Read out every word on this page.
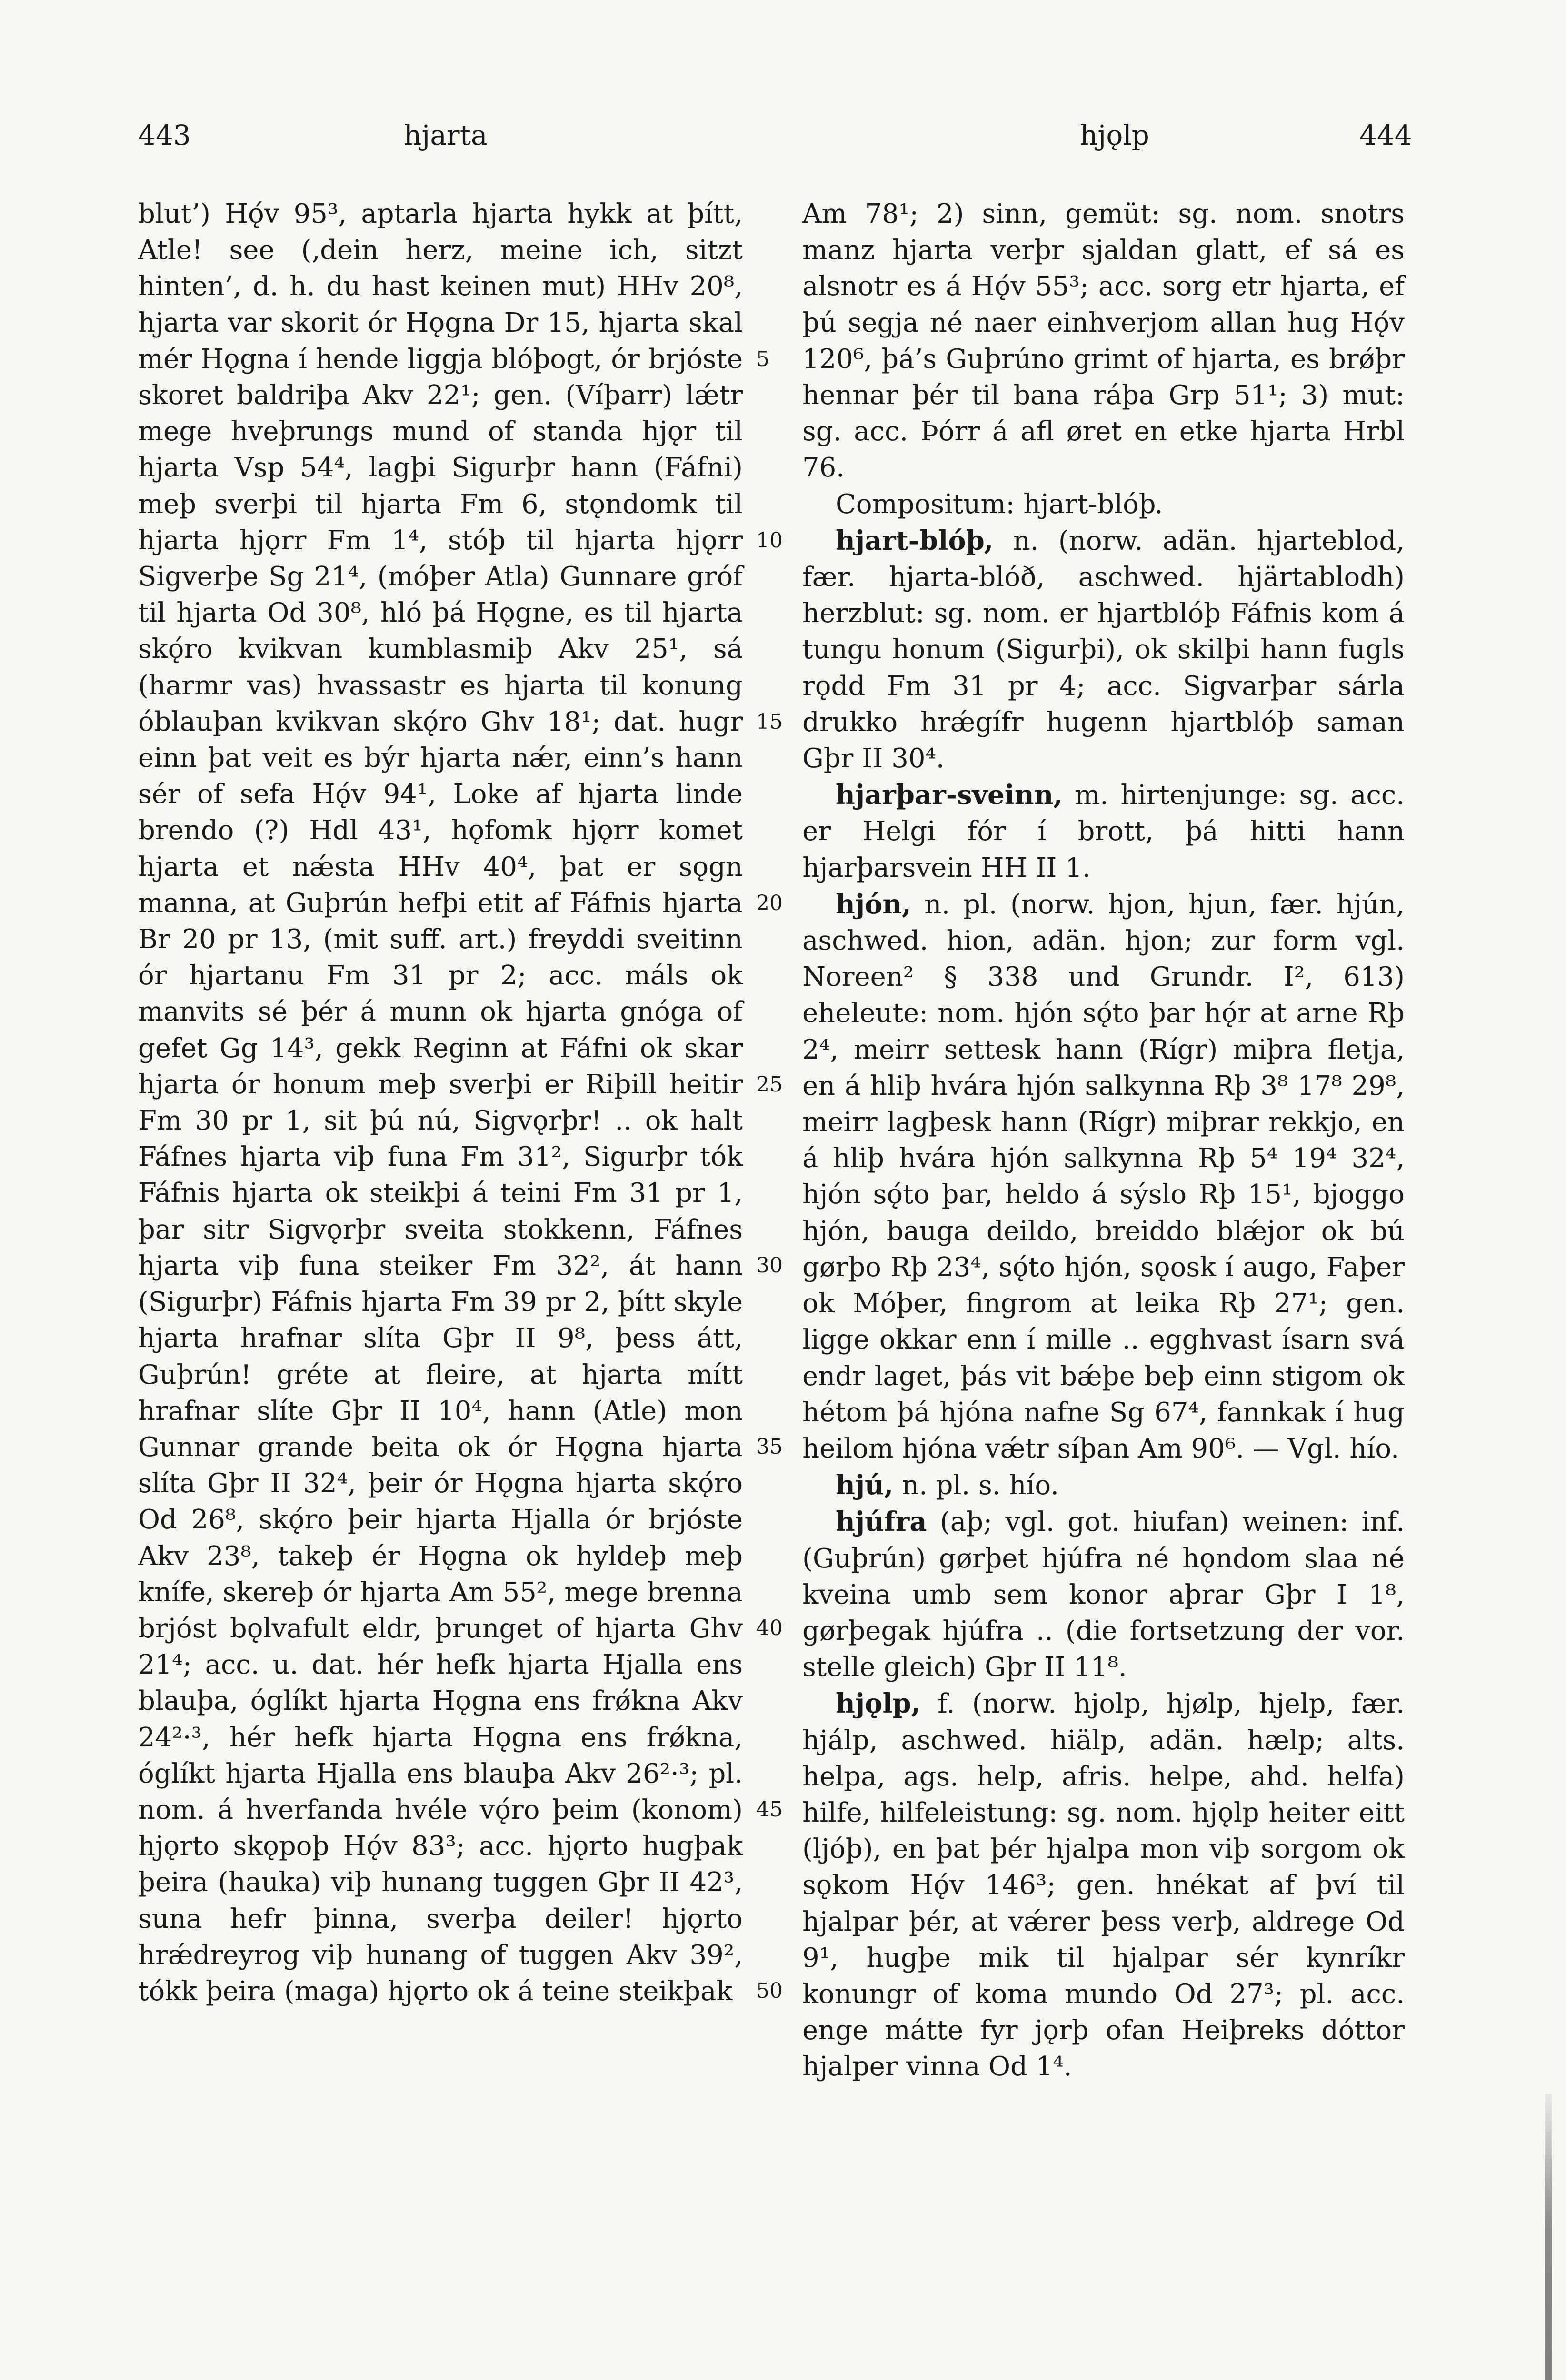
443	hjarta	hjǫlp	444

blut’) Hǫ́v 95³, aptarla hjarta hykk at þítt, Atle! see (‚dein herz, meine ich, sitzt hinten’, d. h. du hast keinen mut) HHv 20⁸, hjarta var skorit ór Hǫgna Dr 15, hjarta skal mér Hǫgna í hende liggja blóþogt, ór brjóste skoret baldriþa Akv 22¹; gen. (Víþarr) lǽtr mege hveþrungs mund of standa hjǫr til hjarta Vsp 54⁴, lagþi Sigurþr hann (Fáfni) meþ sverþi til hjarta Fm 6, stǫndomk til hjarta hjǫrr Fm 1⁴, stóþ til hjarta hjǫrr Sigverþe Sg 21⁴, (móþer Atla) Gunnare gróf til hjarta Od 30⁸, hló þá Hǫgne, es til hjarta skǫ́ro kvikvan kumblasmiþ Akv 25¹, sá (harmr vas) hvassastr es hjarta til konung óblauþan kvikvan skǫ́ro Ghv 18¹; dat. hugr einn þat veit es býr hjarta nǽr, einn’s hann sér of sefa Hǫ́v 94¹, Loke af hjarta linde brendo (?) Hdl 43¹, hǫfomk hjǫrr komet hjarta et nǽsta HHv 40⁴, þat er sǫgn manna, at Guþrún hefþi etit af Fáfnis hjarta Br 20 pr 13, (mit suff. art.) freyddi sveitinn ór hjartanu Fm 31 pr 2; acc. máls ok manvits sé þér á munn ok hjarta gnóga of gefet Gg 14³, gekk Reginn at Fáfni ok skar hjarta ór honum meþ sverþi er Riþill heitir Fm 30 pr 1, sit þú nú, Sigvǫrþr! .. ok halt Fáfnes hjarta viþ funa Fm 31², Sigurþr tók Fáfnis hjarta ok steikþi á teini Fm 31 pr 1, þar sitr Sigvǫrþr sveita stokkenn, Fáfnes hjarta viþ funa steiker Fm 32², át hann (Sigurþr) Fáfnis hjarta Fm 39 pr 2, þítt skyle hjarta hrafnar slíta Gþr II 9⁸, þess átt, Guþrún! gréte at fleire, at hjarta mítt hrafnar slíte Gþr II 10⁴, hann (Atle) mon Gunnar grande beita ok ór Hǫgna hjarta slíta Gþr II 32⁴, þeir ór Hǫgna hjarta skǫ́ro Od 26⁸, skǫ́ro þeir hjarta Hjalla ór brjóste Akv 23⁸, takeþ ér Hǫgna ok hyldeþ meþ knífe, skereþ ór hjarta Am 55², mege brenna brjóst bǫlvafult eldr, þrunget of hjarta Ghv 21⁴; acc. u. dat. hér hefk hjarta Hjalla ens blauþa, óglíkt hjarta Hǫgna ens frǿkna Akv 24²·³, hér hefk hjarta Hǫgna ens frǿkna, óglíkt hjarta Hjalla ens blauþa Akv 26²·³; pl. nom. á hverfanda hvéle vǫ́ro þeim (konom) hjǫrto skǫpoþ Hǫ́v 83³; acc. hjǫrto hugþak þeira (hauka) viþ hunang tuggen Gþr II 42³, suna hefr þinna, sverþa deiler! hjǫrto hrǽdreyrog viþ hunang of tuggen Akv 39², tókk þeira (maga) hjǫrto ok á teine steikþak

5
10
15
20
25
30
35
40
45
50

Am 78¹; 2) sinn, gemüt: sg. nom. snotrs manz hjarta verþr sjaldan glatt, ef sá es alsnotr es á Hǫ́v 55³; acc. sorg etr hjarta, ef þú segja né naer einhverjom allan hug Hǫ́v 120⁶, þá’s Guþrúno grimt of hjarta, es brǿþr hennar þér til bana ráþa Grp 51¹; 3) mut: sg. acc. Þórr á afl øret en etke hjarta Hrbl 76.

Compositum: hjart-blóþ.

hjart-blóþ, n. (norw. adän. hjarteblod, fær. hjarta-blóð, aschwed. hjärtablodh) herzblut: sg. nom. er hjartblóþ Fáfnis kom á tungu honum (Sigurþi), ok skilþi hann fugls rǫdd Fm 31 pr 4; acc. Sigvarþar sárla drukko hrǽgífr hugenn hjartblóþ saman Gþr II 30⁴.

hjarþar-sveinn, m. hirtenjunge: sg. acc. er Helgi fór í brott, þá hitti hann hjarþarsvein HH II 1.

hjón, n. pl. (norw. hjon, hjun, fær. hjún, aschwed. hion, adän. hjon; zur form vgl. Noreen² § 338 und Grundr. I², 613) eheleute: nom. hjón sǫ́to þar hǫ́r at arne Rþ 2⁴, meirr settesk hann (Rígr) miþra fletja, en á hliþ hvára hjón salkynna Rþ 3⁸ 17⁸ 29⁸, meirr lagþesk hann (Rígr) miþrar rekkjo, en á hliþ hvára hjón salkynna Rþ 5⁴ 19⁴ 32⁴, hjón sǫ́to þar, heldo á sýslo Rþ 15¹, bjoggo hjón, bauga deildo, breiddo blǽjor ok bú gørþo Rþ 23⁴, sǫ́to hjón, sǫosk í augo, Faþer ok Móþer, fingrom at leika Rþ 27¹; gen. ligge okkar enn í mille .. egghvast ísarn svá endr laget, þás vit bǽþe beþ einn stigom ok hétom þá hjóna nafne Sg 67⁴, fannkak í hug heilom hjóna vǽtr síþan Am 90⁶. — Vgl. hío.

hjú, n. pl. s. hío.

hjúfra (aþ; vgl. got. hiufan) weinen: inf. (Guþrún) gørþet hjúfra né hǫndom slaa né kveina umb sem konor aþrar Gþr I 1⁸, gørþegak hjúfra .. (die fortsetzung der vor. stelle gleich) Gþr II 11⁸.

hjǫlp, f. (norw. hjolp, hjølp, hjelp, fær. hjálp, aschwed. hiälp, adän. hælp; alts. helpa, ags. help, afris. helpe, ahd. helfa) hilfe, hilfeleistung: sg. nom. hjǫlp heiter eitt (ljóþ), en þat þér hjalpa mon viþ sorgom ok sǫkom Hǫ́v 146³; gen. hnékat af því til hjalpar þér, at vǽrer þess verþ, aldrege Od 9¹, hugþe mik til hjalpar sér kynríkr konungr of koma mundo Od 27³; pl. acc. enge mátte fyr jǫrþ ofan Heiþreks dóttor hjalper vinna Od 1⁴.
